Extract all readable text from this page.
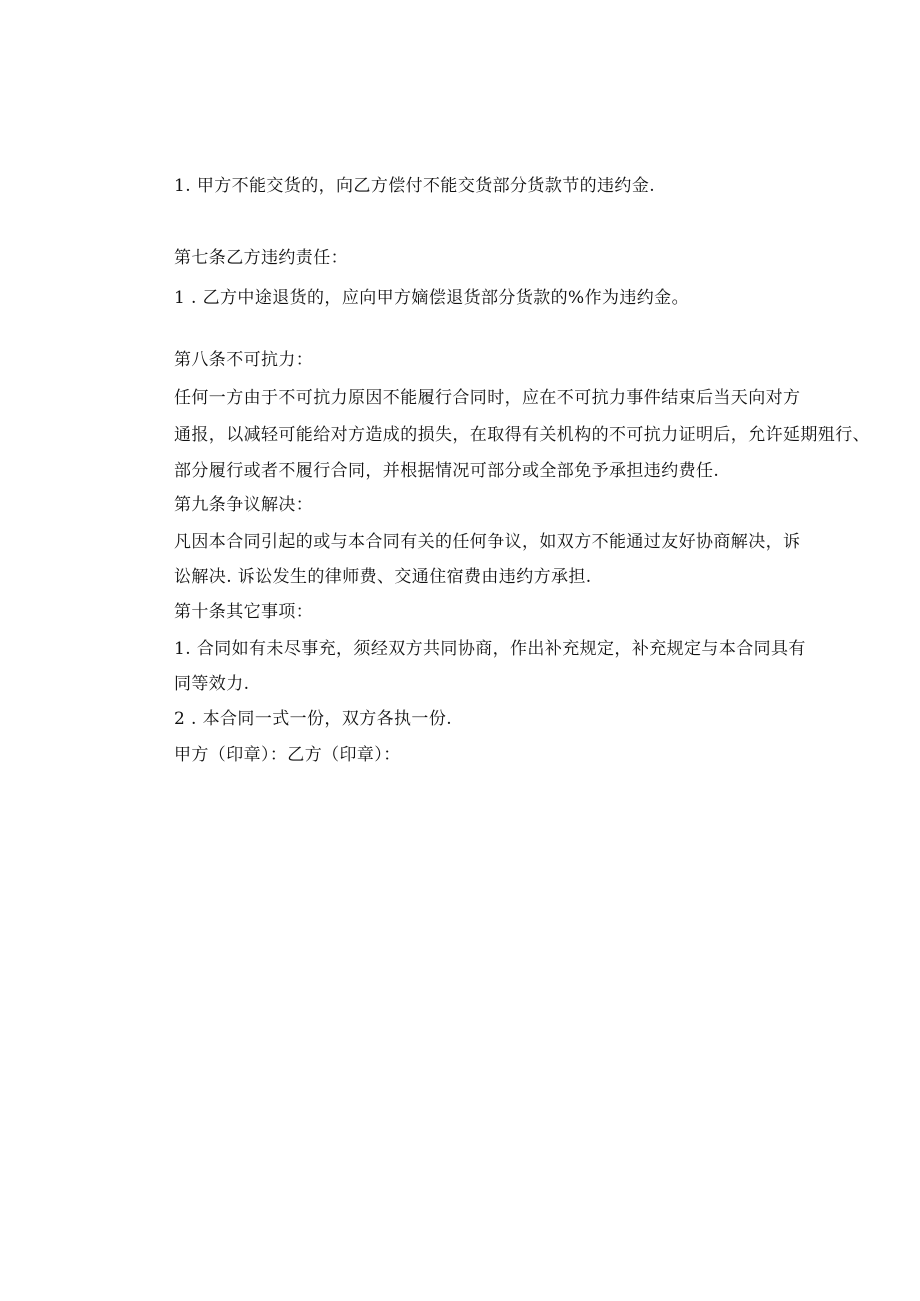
1. 甲方不能交货的，向乙方偿付不能交货部分货款节的违约金.
第七条乙方违约责任：
1 . 乙方中途退货的，应向甲方嫡偿退货部分货款的%作为违约金。
第八条不可抗力：
任何一方由于不可抗力原因不能履行合同时，应在不可抗力事件结束后当天向对方
通报，以减轻可能给对方造成的损失，在取得有关机构的不可抗力证明后，允许延期殂行、
部分履行或者不履行合同，并根据情况可部分或全部免予承担违约费任.
第九条争议解决：
凡因本合同引起的或与本合同有关的任何争议，如双方不能通过友好协商解决，诉
讼解决. 诉讼发生的律师费、交通住宿费由违约方承担.
第十条其它事项：
1. 合同如有未尽事充，须经双方共同协商，作出补充规定，补充规定与本合同具有
同等效力.
2 . 本合同一式一份，双方各执一份.
甲方（印章）：乙方（印章）：
